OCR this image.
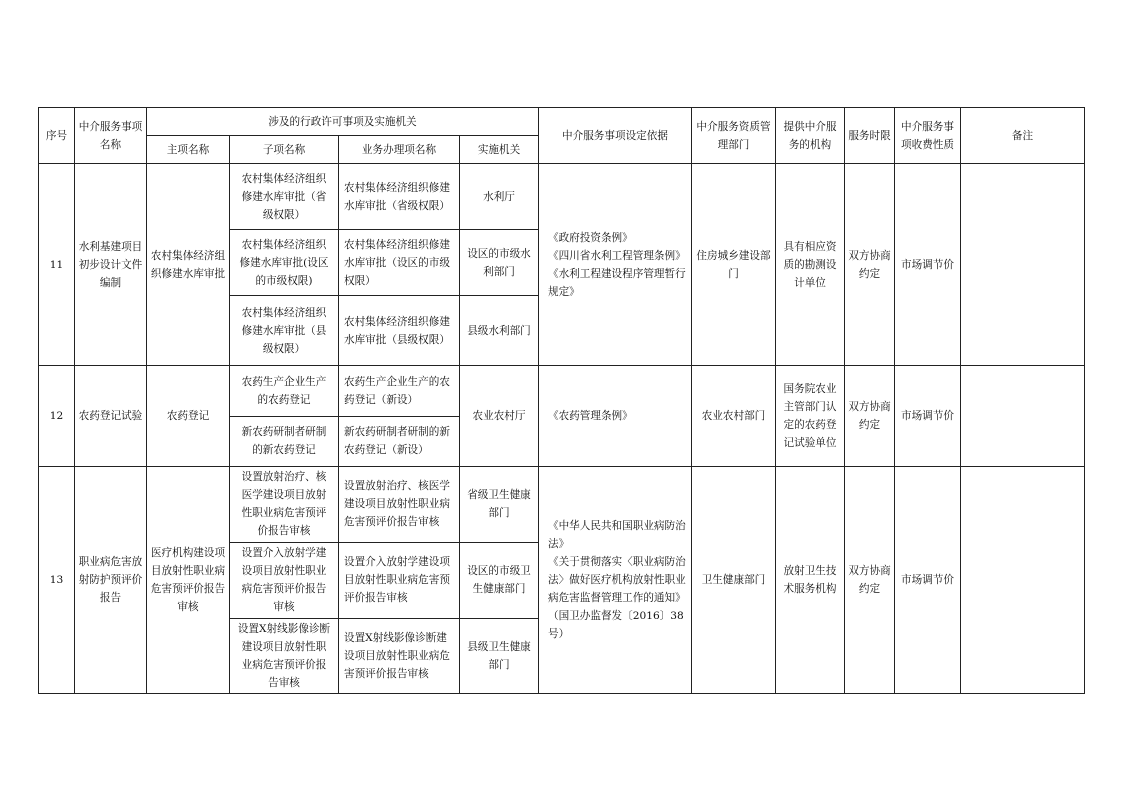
序号	中介服务事项名称	涉及的行政许可事项及实施机关				中介服务事项设定依据	中介服务资质管理部门	提供中介服务的机构	服务时限	中介服务事项收费性质	备注
		主项名称	子项名称	业务办理项名称	实施机关						
11	水利基建项目初步设计文件编制	农村集体经济组织修建水库审批	农村集体经济组织修建水库审批（省级权限）	农村集体经济组织修建水库审批（省级权限）	水利厅	《政府投资条例》
《四川省水利工程管理条例》
《水利工程建设程序管理暂行规定》	住房城乡建设部门	具有相应资质的勘测设计单位	双方协商约定	市场调节价	
			农村集体经济组织修建水库审批(设区的市级权限)	农村集体经济组织修建水库审批（设区的市级权限）	设区的市级水利部门						
			农村集体经济组织修建水库审批（县级权限）	农村集体经济组织修建水库审批（县级权限）	县级水利部门						
12	农药登记试验	农药登记	农药生产企业生产的农药登记	农药生产企业生产的农药登记（新设）	农业农村厅	《农药管理条例》	农业农村部门	国务院农业主管部门认定的农药登记试验单位	双方协商约定	市场调节价	
			新农药研制者研制的新农药登记	新农药研制者研制的新农药登记（新设）							
13	职业病危害放射防护预评价报告	医疗机构建设项目放射性职业病危害预评价报告审核	设置放射治疗、核医学建设项目放射性职业病危害预评价报告审核	设置放射治疗、核医学建设项目放射性职业病危害预评价报告审核	省级卫生健康部门	《中华人民共和国职业病防治法》
《关于贯彻落实〈职业病防治法〉做好医疗机构放射性职业病危害监督管理工作的通知》（国卫办监督发〔2016〕38号）	卫生健康部门	放射卫生技术服务机构	双方协商约定	市场调节价	
			设置介入放射学建设项目放射性职业病危害预评价报告审核	设置介入放射学建设项目放射性职业病危害预评价报告审核	设区的市级卫生健康部门						
			设置X射线影像诊断建设项目放射性职业病危害预评价报告审核	设置X射线影像诊断建设项目放射性职业病危害预评价报告审核	县级卫生健康部门						
